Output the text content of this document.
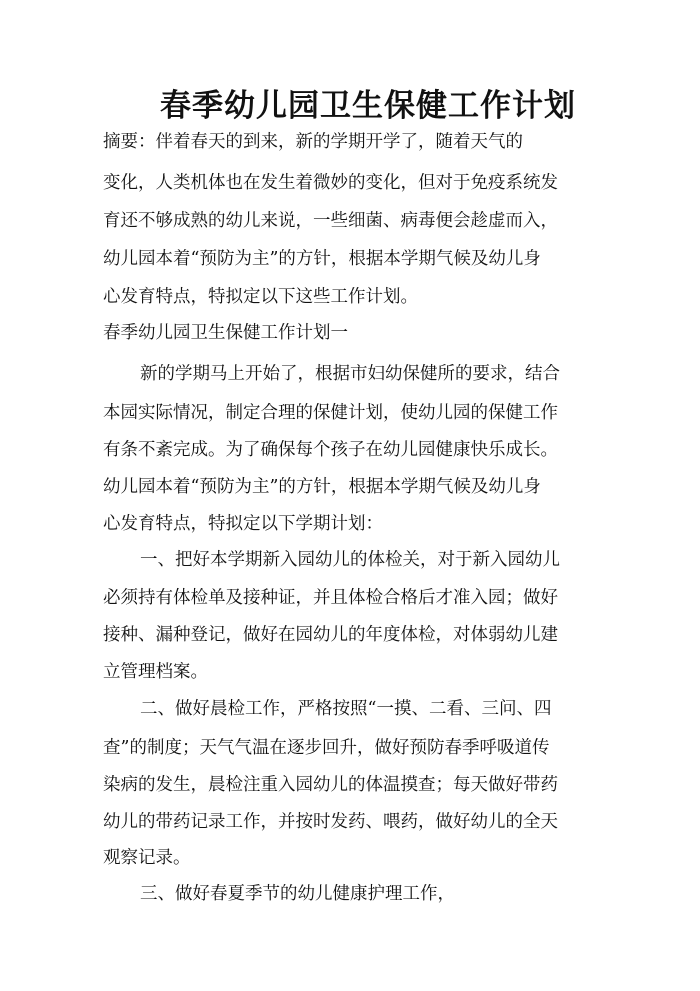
春季幼儿园卫生保健工作计划

摘要：伴着春天的到来，新的学期开学了，随着天气的

变化，人类机体也在发生着微妙的变化，但对于免疫系统发

育还不够成熟的幼儿来说，一些细菌、病毒便会趁虚而入，

幼儿园本着“预防为主”的方针，根据本学期气候及幼儿身

心发育特点，特拟定以下这些工作计划。

春季幼儿园卫生保健工作计划一

新的学期马上开始了，根据市妇幼保健所的要求，结合

本园实际情况，制定合理的保健计划，使幼儿园的保健工作

有条不紊完成。为了确保每个孩子在幼儿园健康快乐成长。

幼儿园本着“预防为主”的方针，根据本学期气候及幼儿身

心发育特点，特拟定以下学期计划：

一、把好本学期新入园幼儿的体检关，对于新入园幼儿

必须持有体检单及接种证，并且体检合格后才准入园；做好

接种、漏种登记，做好在园幼儿的年度体检，对体弱幼儿建

立管理档案。

二、做好晨检工作，严格按照“一摸、二看、三问、四

查”的制度；天气气温在逐步回升，做好预防春季呼吸道传

染病的发生，晨检注重入园幼儿的体温摸查；每天做好带药

幼儿的带药记录工作，并按时发药、喂药，做好幼儿的全天

观察记录。

三、做好春夏季节的幼儿健康护理工作，
